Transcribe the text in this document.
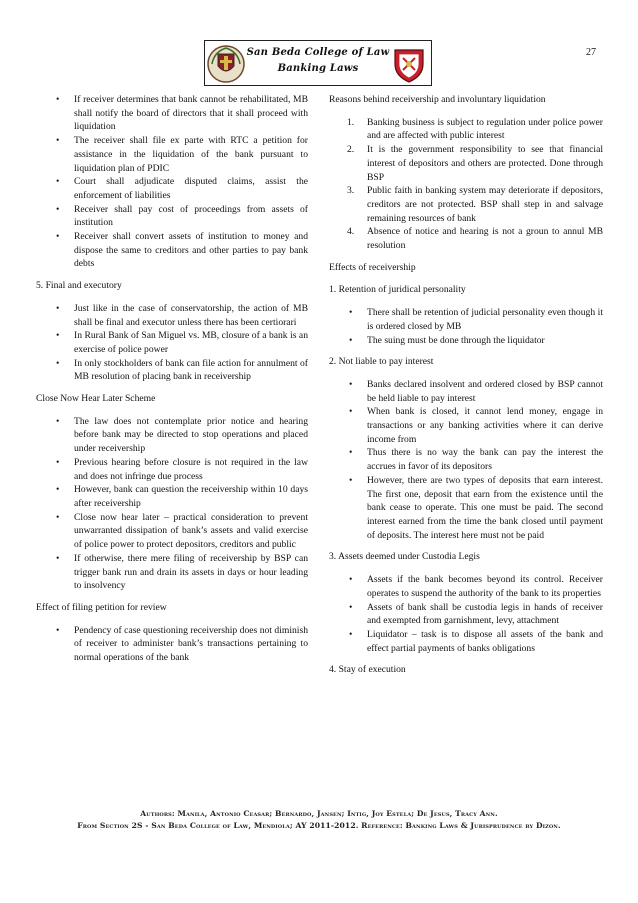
San Beda College of Law
Banking Laws
27
• If receiver determines that bank cannot be rehabilitated, MB shall notify the board of directors that it shall proceed with liquidation
• The receiver shall file ex parte with RTC a petition for assistance in the liquidation of the bank pursuant to liquidation plan of PDIC
• Court shall adjudicate disputed claims, assist the enforcement of liabilities
• Receiver shall pay cost of proceedings from assets of institution
• Receiver shall convert assets of institution to money and dispose the same to creditors and other parties to pay bank debts
5. Final and executory
• Just like in the case of conservatorship, the action of MB shall be final and executor unless there has been certiorari
• In Rural Bank of San Miguel vs. MB, closure of a bank is an exercise of police power
• In only stockholders of bank can file action for annulment of MB resolution of placing bank in receivership
Close Now Hear Later Scheme
• The law does not contemplate prior notice and hearing before bank may be directed to stop operations and placed under receivership
• Previous hearing before closure is not required in the law and does not infringe due process
• However, bank can question the receivership within 10 days after receivership
• Close now hear later – practical consideration to prevent unwarranted dissipation of bank’s assets and valid exercise of police power to protect depositors, creditors and public
• If otherwise, there mere filing of receivership by BSP can trigger bank run and drain its assets in days or hour leading to insolvency
Effect of filing petition for review
• Pendency of case questioning receivership does not diminish of receiver to administer bank’s transactions pertaining to normal operations of the bank
Reasons behind receivership and involuntary liquidation
1. Banking business is subject to regulation under police power and are affected with public interest
2. It is the government responsibility to see that financial interest of depositors and others are protected. Done through BSP
3. Public faith in banking system may deteriorate if depositors, creditors are not protected. BSP shall step in and salvage remaining resources of bank
4. Absence of notice and hearing is not a groun to annul MB resolution
Effects of receivership
1. Retention of juridical personality
• There shall be retention of judicial personality even though it is ordered closed by MB
• The suing must be done through the liquidator
2. Not liable to pay interest
• Banks declared insolvent and ordered closed by BSP cannot be held liable to pay interest
• When bank is closed, it cannot lend money, engage in transactions or any banking activities where it can derive income from
• Thus there is no way the bank can pay the interest the accrues in favor of its depositors
• However, there are two types of deposits that earn interest. The first one, deposit that earn from the existence until the bank cease to operate. This one must be paid. The second interest earned from the time the bank closed until payment of deposits. The interest here must not be paid
3. Assets deemed under Custodia Legis
• Assets if the bank becomes beyond its control. Receiver operates to suspend the authority of the bank to its properties
• Assets of bank shall be custodia legis in hands of receiver and exempted from garnishment, levy, attachment
• Liquidator – task is to dispose all assets of the bank and effect partial payments of banks obligations
4. Stay of execution
Authors: Manila, Antonio Ceasar; Bernardo, Jansen; Intig, Joy Estela; De Jesus, Tracy Ann.
From Section 2S - San Beda College of Law, Mendiola; AY 2011-2012. Reference: Banking Laws & Jurisprudence by Dizon.
